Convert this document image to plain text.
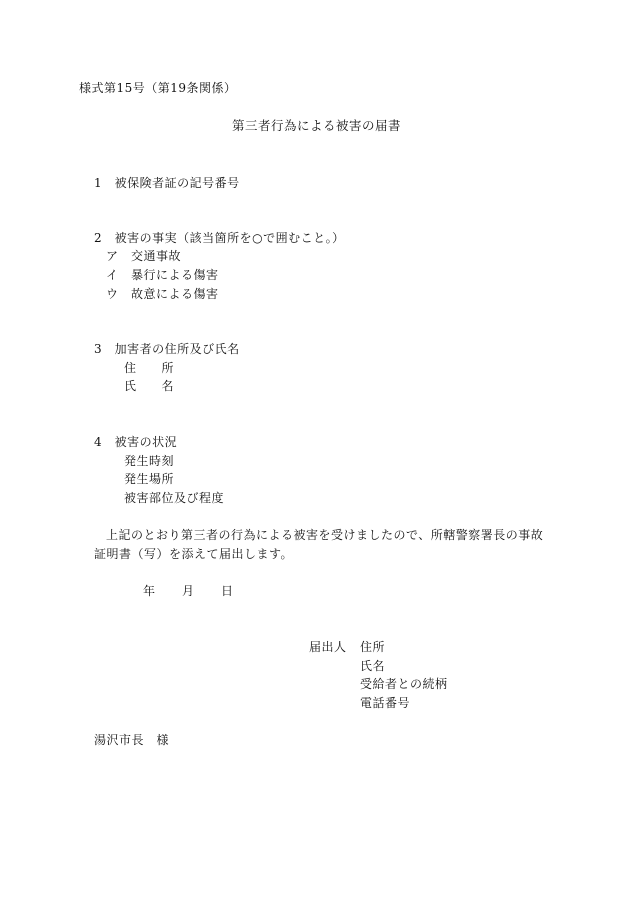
様式第15号（第19条関係）
第三者行為による被害の届書
1　被保険者証の記号番号
2　被害の事実（該当箇所を○で囲むこと。）
ア　交通事故
イ　暴行による傷害
ウ　故意による傷害
3　加害者の住所及び氏名
住　　所
氏　　名
4　被害の状況
発生時刻
発生場所
被害部位及び程度
上記のとおり第三者の行為による被害を受けましたので、所轄警察署長の事故
証明書（写）を添えて届出します。
年 月 日
届出人 住所
氏名
受給者との続柄
電話番号
湯沢市長　様
